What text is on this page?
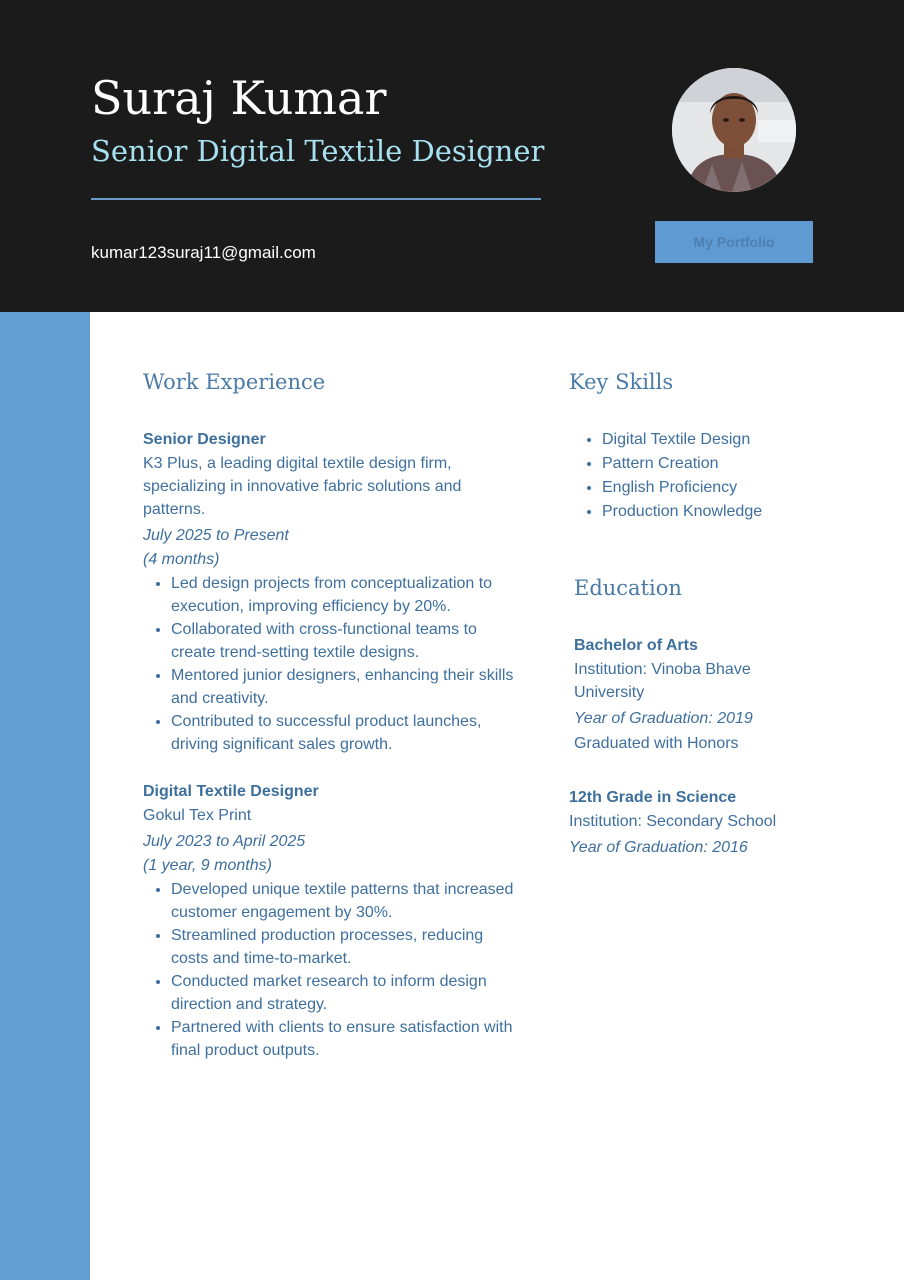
Suraj Kumar
Senior Digital Textile Designer
kumar123suraj11@gmail.com
My Portfolio
Work Experience
Senior Designer
K3 Plus, a leading digital textile design firm, specializing in innovative fabric solutions and patterns.
July 2025 to Present
(4 months)
• Led design projects from conceptualization to execution, improving efficiency by 20%.
• Collaborated with cross-functional teams to create trend-setting textile designs.
• Mentored junior designers, enhancing their skills and creativity.
• Contributed to successful product launches, driving significant sales growth.
Digital Textile Designer
Gokul Tex Print
July 2023 to April 2025
(1 year, 9 months)
• Developed unique textile patterns that increased customer engagement by 30%.
• Streamlined production processes, reducing costs and time-to-market.
• Conducted market research to inform design direction and strategy.
• Partnered with clients to ensure satisfaction with final product outputs.
Key Skills
• Digital Textile Design
• Pattern Creation
• English Proficiency
• Production Knowledge
Education
Bachelor of Arts
Institution: Vinoba Bhave University
Year of Graduation: 2019
Graduated with Honors
12th Grade in Science
Institution: Secondary School
Year of Graduation: 2016
